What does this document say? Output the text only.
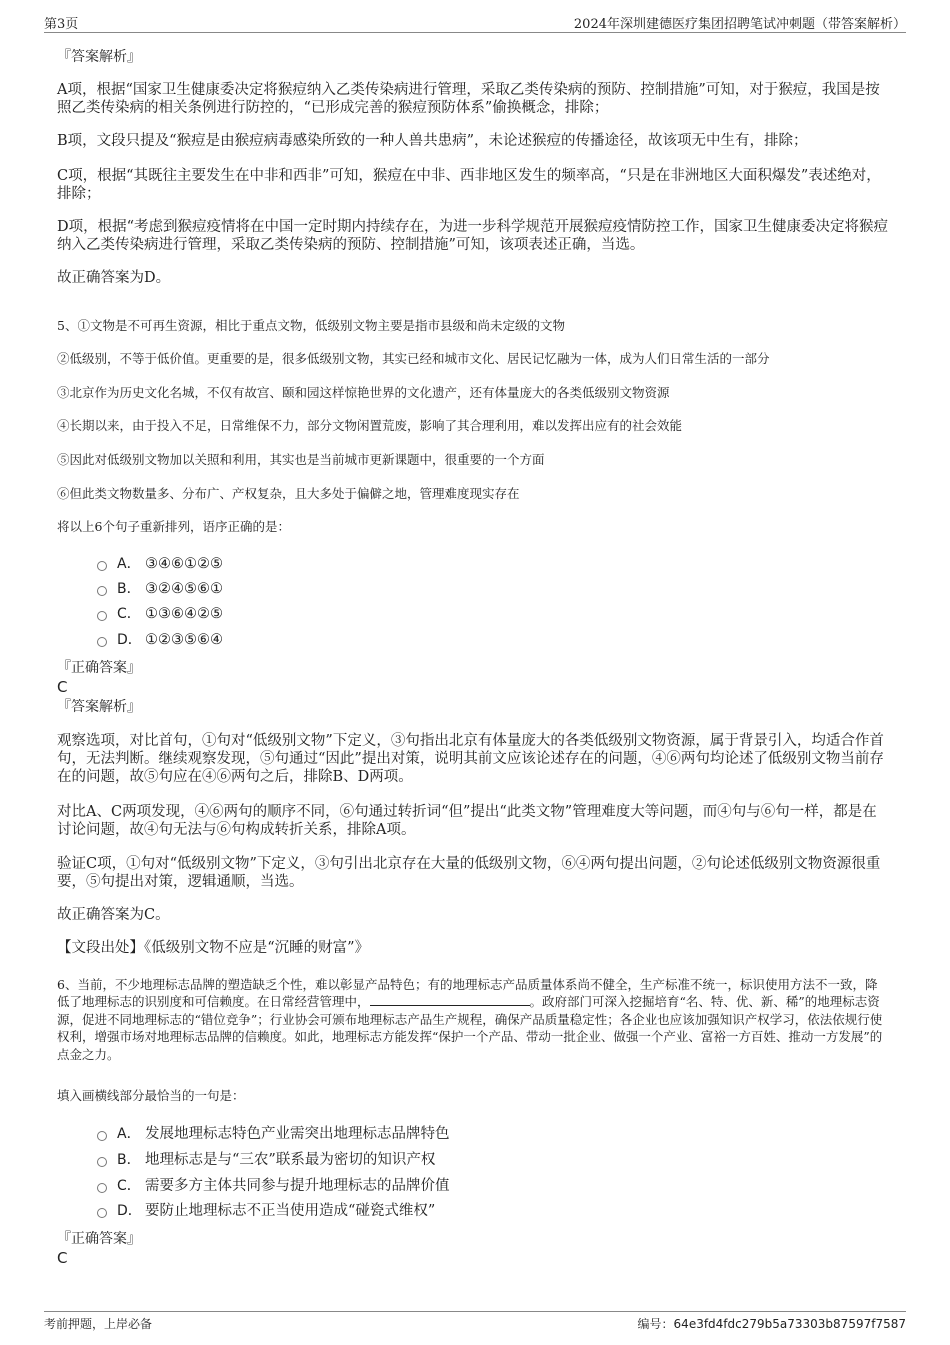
第3页	2024年深圳建德医疗集团招聘笔试冲刺题（带答案解析）
『答案解析』
A项，根据“国家卫生健康委决定将猴痘纳入乙类传染病进行管理，采取乙类传染病的预防、控制措施”可知，对于猴痘，我国是按照乙类传染病的相关条例进行防控的，“已形成完善的猴痘预防体系”偷换概念，排除；
B项，文段只提及“猴痘是由猴痘病毒感染所致的一种人兽共患病”，未论述猴痘的传播途径，故该项无中生有，排除；
C项，根据“其既往主要发生在中非和西非”可知，猴痘在中非、西非地区发生的频率高，“只是在非洲地区大面积爆发”表述绝对，排除；
D项，根据“考虑到猴痘疫情将在中国一定时期内持续存在，为进一步科学规范开展猴痘疫情防控工作，国家卫生健康委决定将猴痘纳入乙类传染病进行管理，采取乙类传染病的预防、控制措施”可知，该项表述正确，当选。
故正确答案为D。
5、①文物是不可再生资源，相比于重点文物，低级别文物主要是指市县级和尚未定级的文物
②低级别，不等于低价值。更重要的是，很多低级别文物，其实已经和城市文化、居民记忆融为一体，成为人们日常生活的一部分
③北京作为历史文化名城，不仅有故宫、颐和园这样惊艳世界的文化遗产，还有体量庞大的各类低级别文物资源
④长期以来，由于投入不足，日常维保不力，部分文物闲置荒废，影响了其合理利用，难以发挥出应有的社会效能
⑤因此对低级别文物加以关照和利用，其实也是当前城市更新课题中，很重要的一个方面
⑥但此类文物数量多、分布广、产权复杂，且大多处于偏僻之地，管理难度现实存在
将以上6个句子重新排列，语序正确的是：
A． ③④⑥①②⑤
B． ③②④⑤⑥①
C． ①③⑥④②⑤
D． ①②③⑤⑥④
『正确答案』
C
『答案解析』
观察选项，对比首句，①句对“低级别文物”下定义，③句指出北京有体量庞大的各类低级别文物资源，属于背景引入，均适合作首句，无法判断。继续观察发现，⑤句通过“因此”提出对策，说明其前文应该论述存在的问题，④⑥两句均论述了低级别文物当前存在的问题，故⑤句应在④⑥两句之后，排除B、D两项。
对比A、C两项发现，④⑥两句的顺序不同，⑥句通过转折词“但”提出“此类文物”管理难度大等问题，而④句与⑥句一样，都是在讨论问题，故④句无法与⑥句构成转折关系，排除A项。
验证C项，①句对“低级别文物”下定义，③句引出北京存在大量的低级别文物，⑥④两句提出问题，②句论述低级别文物资源很重要，⑤句提出对策，逻辑通顺，当选。
故正确答案为C。
【文段出处】《低级别文物不应是“沉睡的财富”》
6、当前，不少地理标志品牌的塑造缺乏个性，难以彰显产品特色；有的地理标志产品质量体系尚不健全，生产标准不统一，标识使用方法不一致，降低了地理标志的识别度和可信赖度。在日常经营管理中，	。政府部门可深入挖掘培育“名、特、优、新、稀”的地理标志资源，促进不同地理标志的“错位竞争”；行业协会可颁布地理标志产品生产规程，确保产品质量稳定性；各企业也应该加强知识产权学习，依法依规行使权利，增强市场对地理标志品牌的信赖度。如此，地理标志方能发挥“保护一个产品、带动一批企业、做强一个产业、富裕一方百姓、推动一方发展”的点金之力。
填入画横线部分最恰当的一句是：
A． 发展地理标志特色产业需突出地理标志品牌特色
B． 地理标志是与“三农”联系最为密切的知识产权
C． 需要多方主体共同参与提升地理标志的品牌价值
D． 要防止地理标志不正当使用造成“碰瓷式维权”
『正确答案』
C
考前押题，上岸必备	编号：64e3fd4fdc279b5a73303b87597f7587
